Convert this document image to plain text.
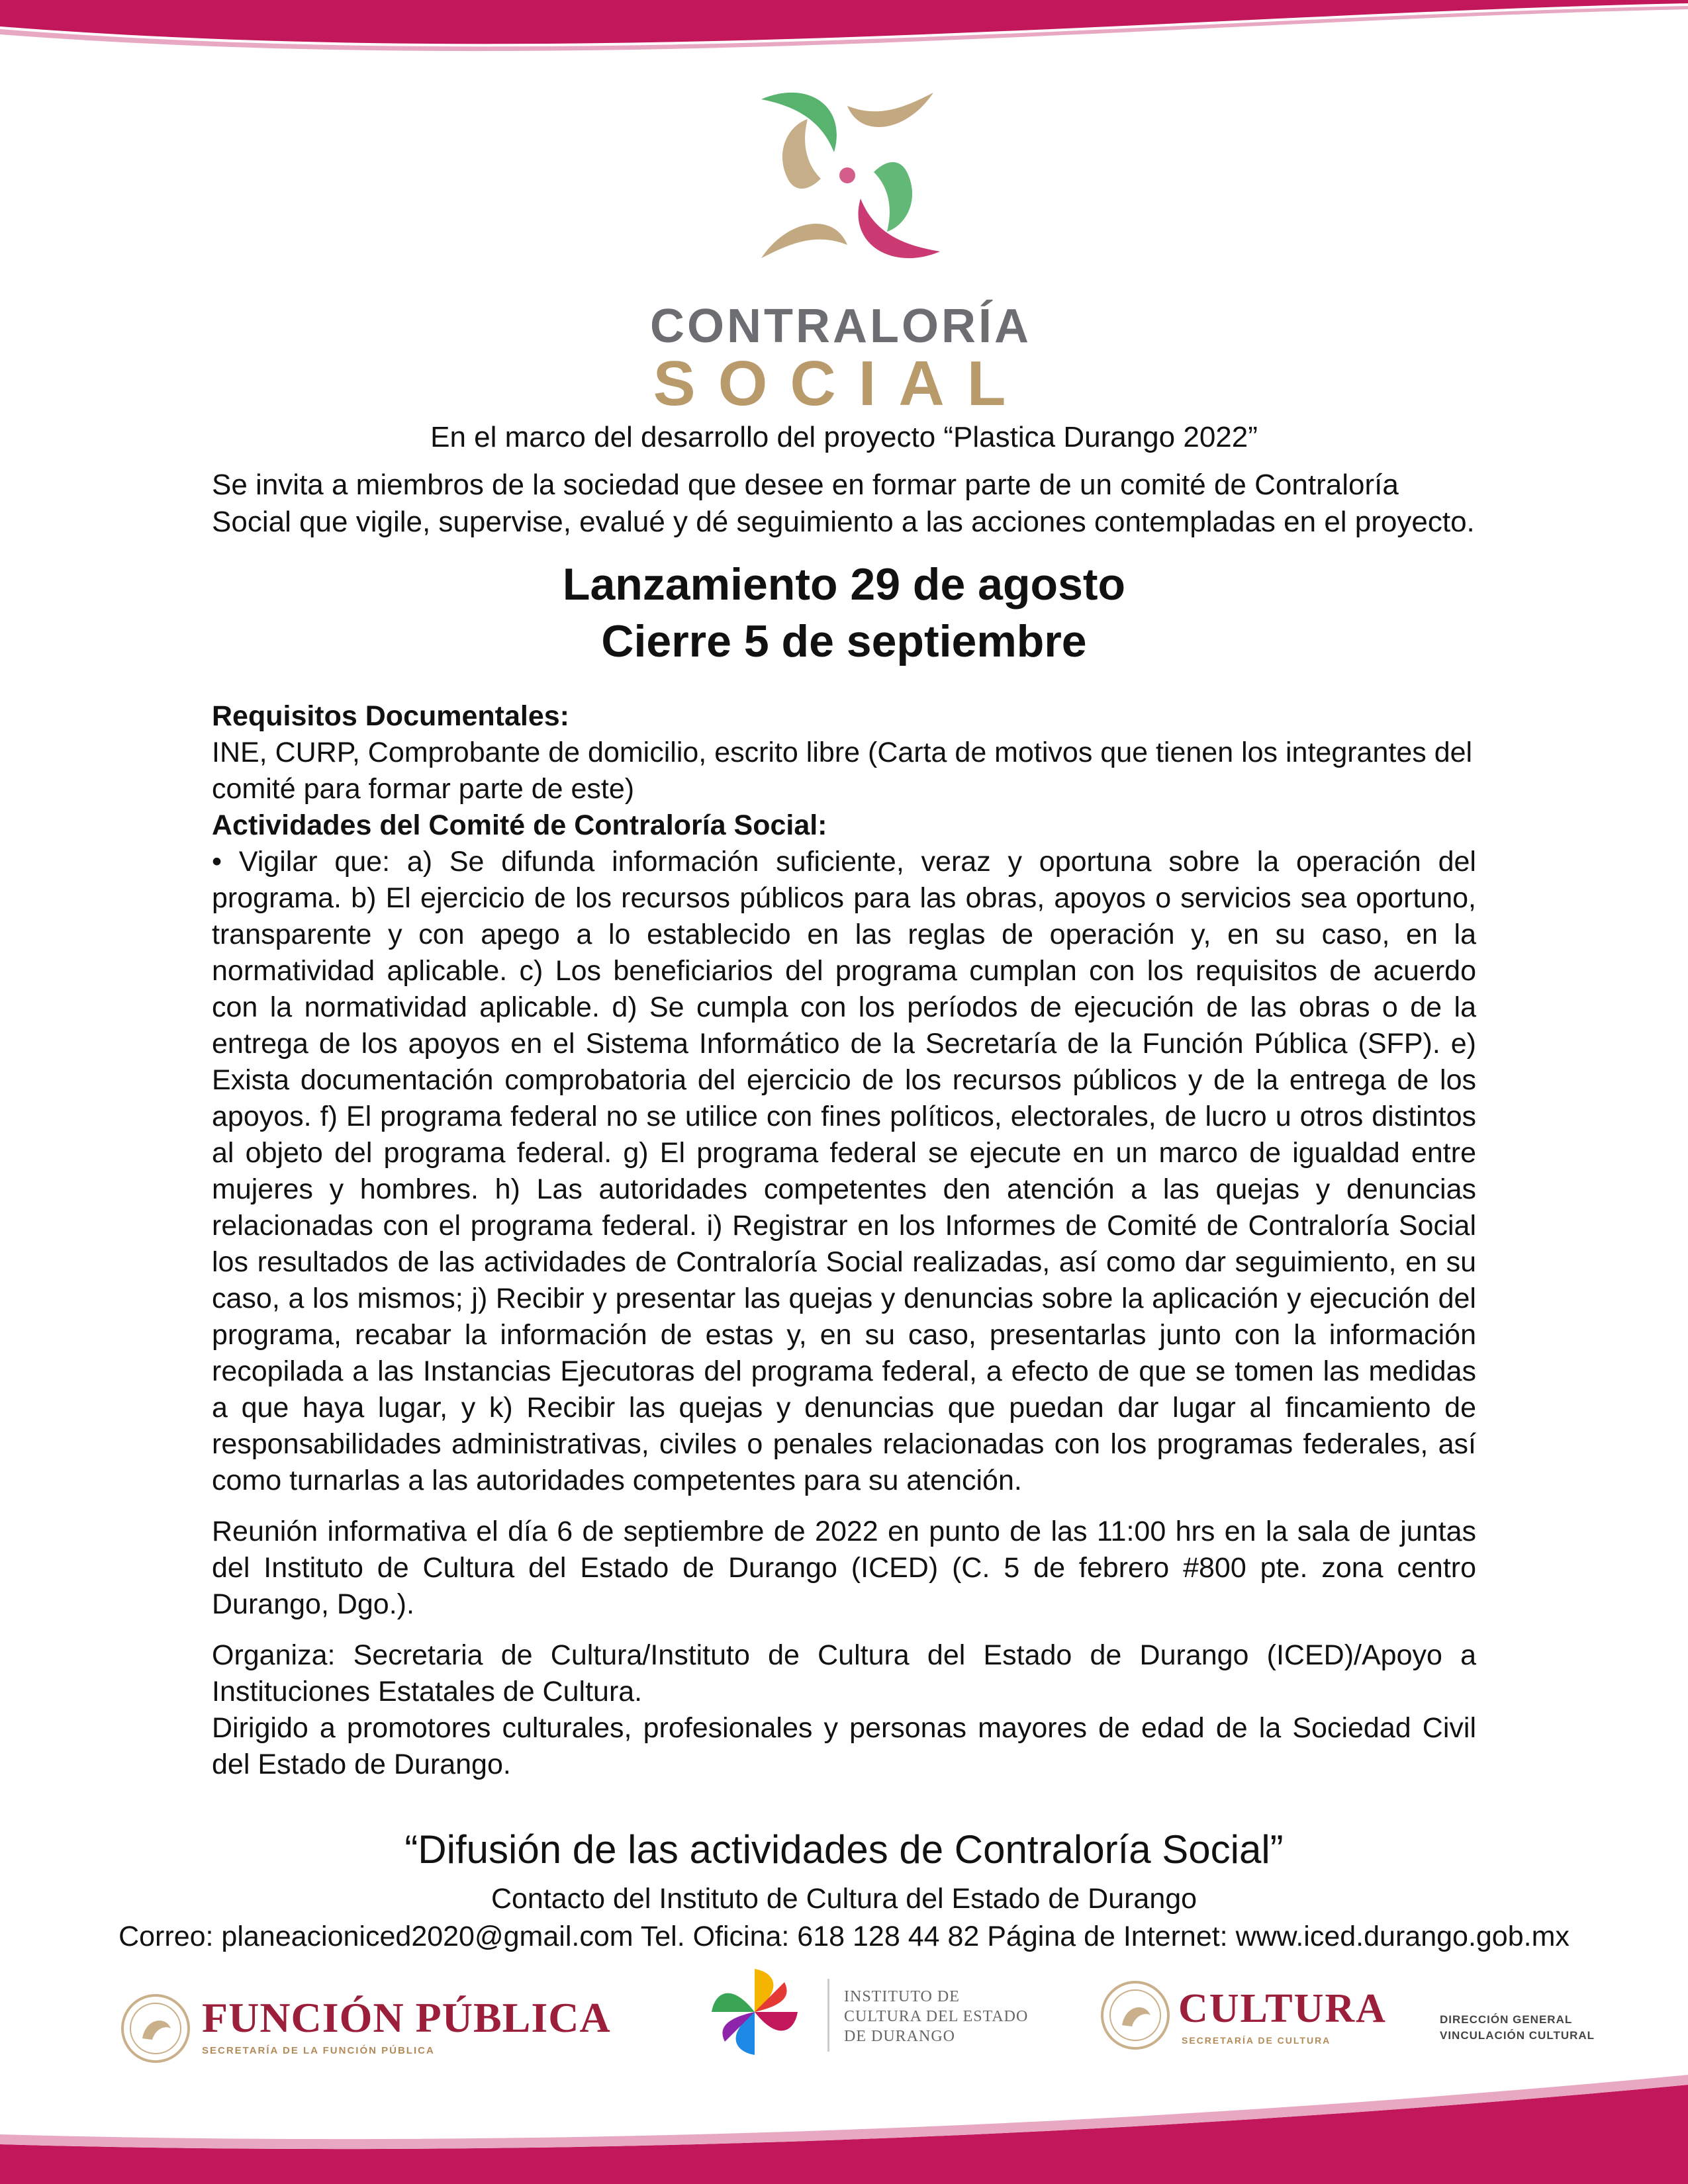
CONTRALORÍA
SOCIAL
En el marco del desarrollo del proyecto “Plastica Durango 2022”
Se invita a miembros de la sociedad que desee en formar parte de un comité de Contraloría Social que vigile, supervise, evalué y dé seguimiento a las acciones contempladas en el proyecto.
Lanzamiento 29 de agosto
Cierre 5 de septiembre

Requisitos Documentales:

INE, CURP, Comprobante de domicilio, escrito libre (Carta de motivos que tienen los integrantes del comité para formar parte de este)

Actividades del Comité de Contraloría Social:

• Vigilar que: a) Se difunda información suficiente, veraz y oportuna sobre la operación del programa. b) El ejercicio de los recursos públicos para las obras, apoyos o servicios sea oportuno, transparente y con apego a lo establecido en las reglas de operación y, en su caso, en la normatividad aplicable. c) Los beneficiarios del programa cumplan con los requisitos de acuerdo con la normatividad aplicable. d) Se cumpla con los períodos de ejecución de las obras o de la entrega de los apoyos en el Sistema Informático de la Secretaría de la Función Pública (SFP). e) Exista documentación comprobatoria del ejercicio de los recursos públicos y de la entrega de los apoyos. f) El programa federal no se utilice con fines políticos, electorales, de lucro u otros distintos al objeto del programa federal. g) El programa federal se ejecute en un marco de igualdad entre mujeres y hombres. h) Las autoridades competentes den atención a las quejas y denuncias relacionadas con el programa federal. i) Registrar en los Informes de Comité de Contraloría Social los resultados de las actividades de Contraloría Social realizadas, así como dar seguimiento, en su caso, a los mismos; j) Recibir y presentar las quejas y denuncias sobre la aplicación y ejecución del programa, recabar la información de estas y, en su caso, presentarlas junto con la información recopilada a las Instancias Ejecutoras del programa federal, a efecto de que se tomen las medidas a que haya lugar, y k) Recibir las quejas y denuncias que puedan dar lugar al fincamiento de responsabilidades administrativas, civiles o penales relacionadas con los programas federales, así como turnarlas a las autoridades competentes para su atención.

Reunión informativa el día 6 de septiembre de 2022 en punto de las 11:00 hrs en la sala de juntas del Instituto de Cultura del Estado de Durango (ICED) (C. 5 de febrero #800 pte. zona centro Durango, Dgo.).

Organiza: Secretaria de Cultura/Instituto de Cultura del Estado de Durango (ICED)/Apoyo a Instituciones Estatales de Cultura.

Dirigido a promotores culturales, profesionales y personas mayores de edad de la Sociedad Civil del Estado de Durango.

“Difusión de las actividades de Contraloría Social”
Contacto del Instituto de Cultura del Estado de Durango
Correo: planeacioniced2020@gmail.com Tel. Oficina: 618 128 44 82 Página de Internet: www.iced.durango.gob.mx
FUNCIÓN PÚBLICA
SECRETARÍA DE LA FUNCIÓN PÚBLICA
INSTITUTO DE
CULTURA DEL ESTADO
DE DURANGO
CULTURA
SECRETARÍA DE CULTURA
DIRECCIÓN GENERAL
VINCULACIÓN CULTURAL
